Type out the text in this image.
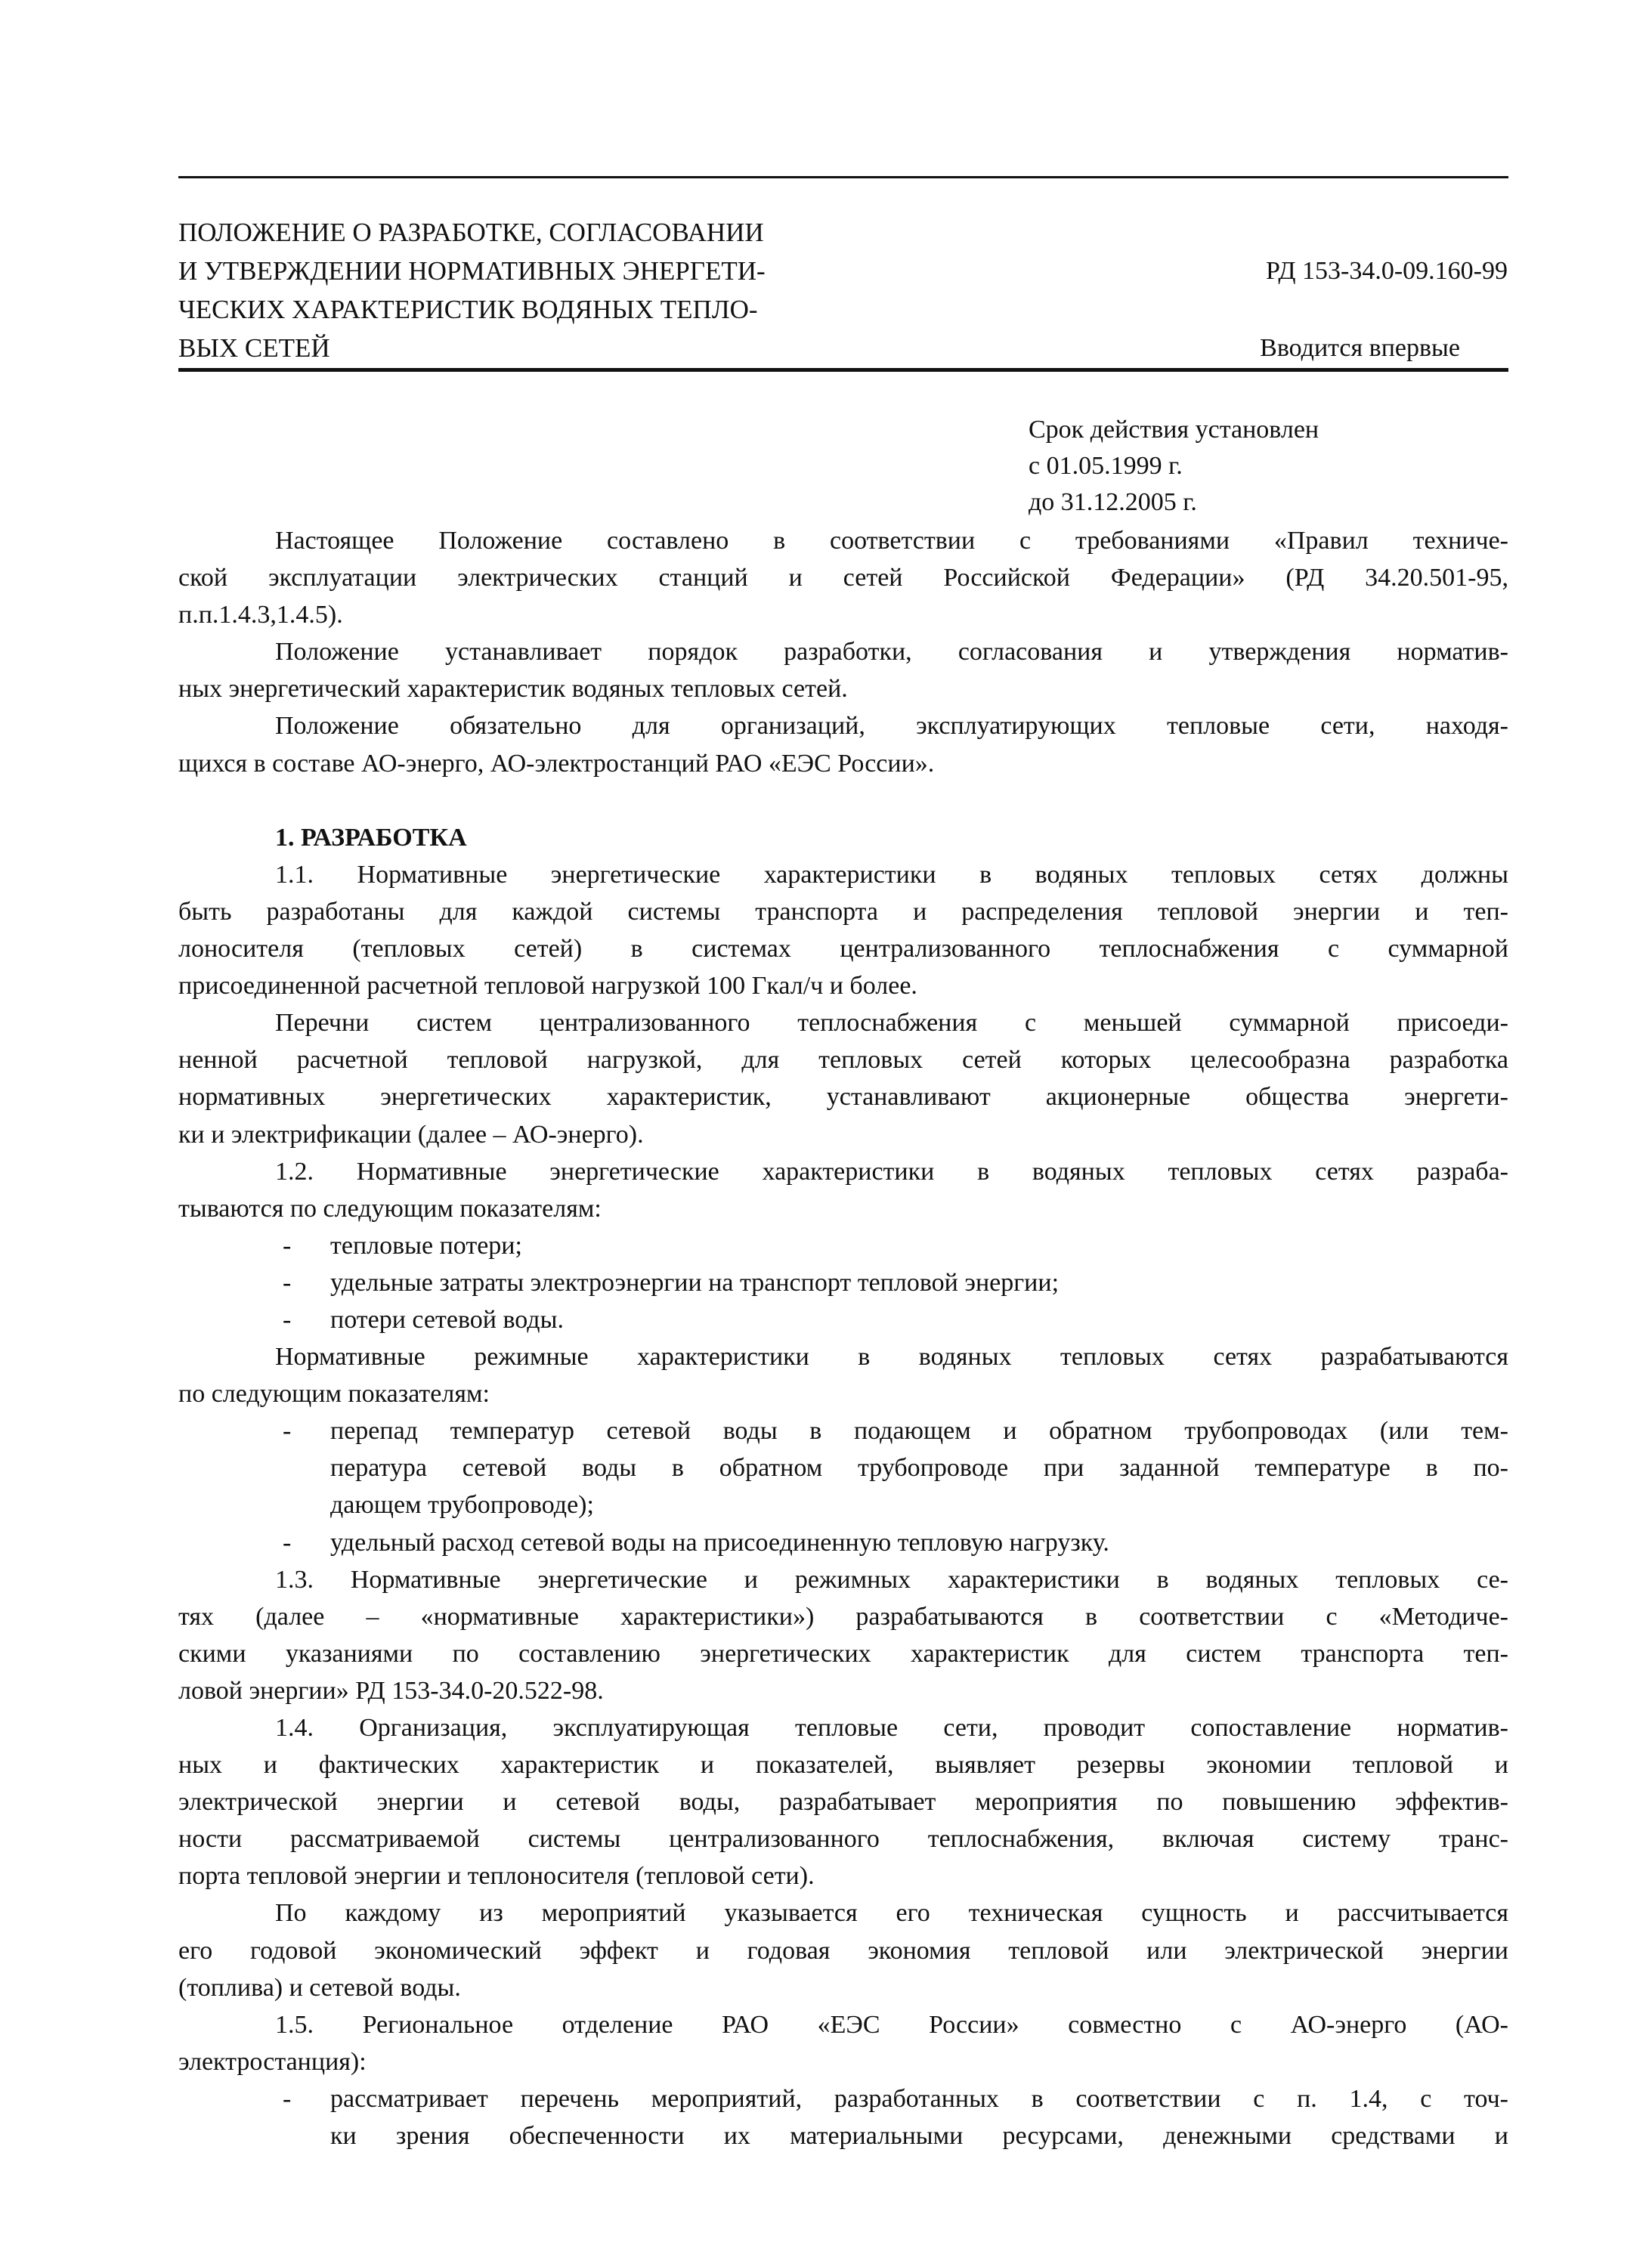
ПОЛОЖЕНИЕ О РАЗРАБОТКЕ, СОГЛАСОВАНИИ
И УТВЕРЖДЕНИИ НОРМАТИВНЫХ ЭНЕРГЕТИ-
ЧЕСКИХ ХАРАКТЕРИСТИК ВОДЯНЫХ ТЕПЛО-
ВЫХ СЕТЕЙ
РД 153-34.0-09.160-99
Вводится впервые
Срок действия установлен
с 01.05.1999 г.
до 31.12.2005 г.
Настоящее Положение составлено в соответствии с требованиями «Правил техниче-
ской эксплуатации электрических станций и сетей Российской Федерации» (РД 34.20.501-95,
п.п.1.4.3,1.4.5).
Положение устанавливает порядок разработки, согласования и утверждения норматив-
ных энергетический характеристик водяных тепловых сетей.
Положение обязательно для организаций, эксплуатирующих тепловые сети, находя-
щихся в составе АО-энерго, АО-электростанций РАО «ЕЭС России».
1. РАЗРАБОТКА
1.1. Нормативные энергетические характеристики в водяных тепловых сетях должны
быть разработаны для каждой системы транспорта и распределения тепловой энергии и теп-
лоносителя (тепловых сетей) в системах централизованного теплоснабжения с суммарной
присоединенной расчетной тепловой нагрузкой 100 Гкал/ч и более.
Перечни систем централизованного теплоснабжения с меньшей суммарной присоеди-
ненной расчетной тепловой нагрузкой, для тепловых сетей которых целесообразна разработка
нормативных энергетических характеристик, устанавливают акционерные общества энергети-
ки и электрификации (далее – АО-энерго).
1.2. Нормативные энергетические характеристики в водяных тепловых сетях разраба-
тываются по следующим показателям:
- тепловые потери;
- удельные затраты электроэнергии на транспорт тепловой энергии;
- потери сетевой воды.
Нормативные режимные характеристики в водяных тепловых сетях разрабатываются
по следующим показателям:
- перепад температур сетевой воды в подающем и обратном трубопроводах (или тем-
пература сетевой воды в обратном трубопроводе при заданной температуре в по-
дающем трубопроводе);
- удельный расход сетевой воды на присоединенную тепловую нагрузку.
1.3. Нормативные энергетические и режимных характеристики в водяных тепловых се-
тях (далее – «нормативные характеристики») разрабатываются в соответствии с «Методиче-
скими указаниями по составлению энергетических характеристик для систем транспорта теп-
ловой энергии» РД 153-34.0-20.522-98.
1.4. Организация, эксплуатирующая тепловые сети, проводит сопоставление норматив-
ных и фактических характеристик и показателей, выявляет резервы экономии тепловой и
электрической энергии и сетевой воды, разрабатывает мероприятия по повышению эффектив-
ности рассматриваемой системы централизованного теплоснабжения, включая систему транс-
порта тепловой энергии и теплоносителя (тепловой сети).
По каждому из мероприятий указывается его техническая сущность и рассчитывается
его годовой экономический эффект и годовая экономия тепловой или электрической энергии
(топлива) и сетевой воды.
1.5. Региональное отделение РАО «ЕЭС России» совместно с АО-энерго (АО-
электростанция):
- рассматривает перечень мероприятий, разработанных в соответствии с п. 1.4, с точ-
ки зрения обеспеченности их материальными ресурсами, денежными средствами и
